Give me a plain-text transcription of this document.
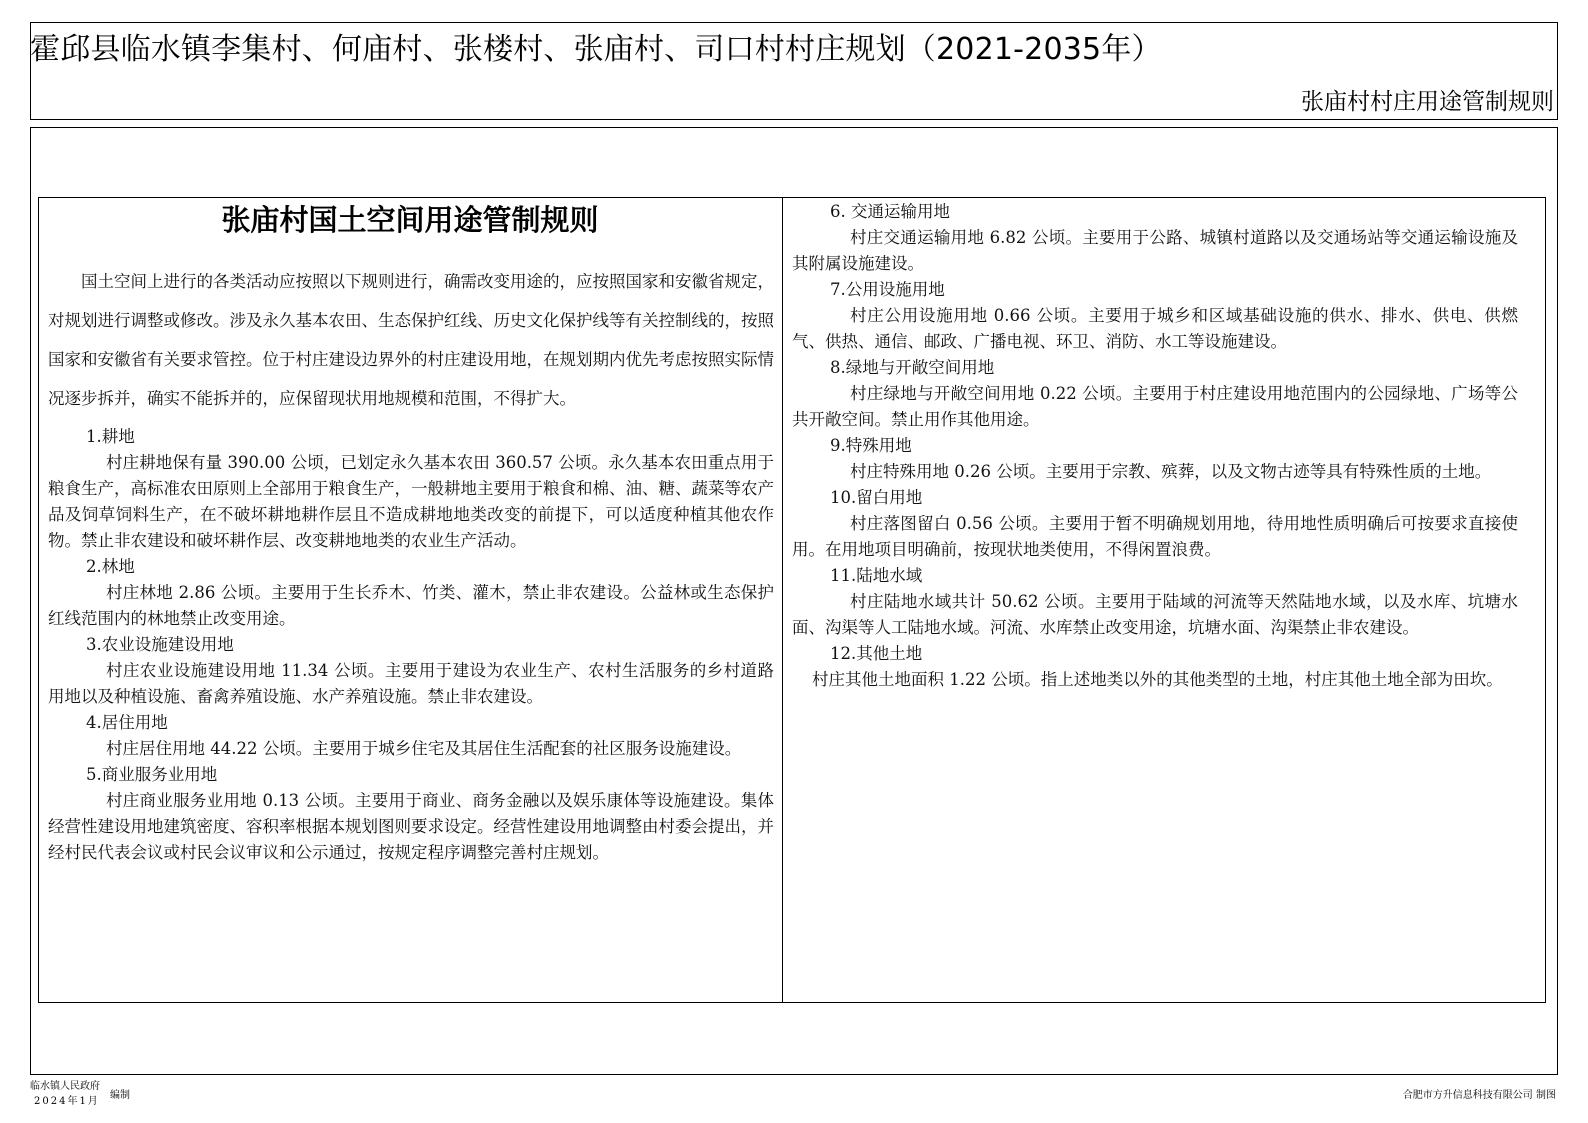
霍邱县临水镇李集村、何庙村、张楼村、张庙村、司口村村庄规划（2021-2035年）
张庙村村庄用途管制规则
张庙村国土空间用途管制规则

国土空间上进行的各类活动应按照以下规则进行，确需改变用途的，应按照国家和安徽省规定，对规划进行调整或修改。涉及永久基本农田、生态保护红线、历史文化保护线等有关控制线的，按照国家和安徽省有关要求管控。位于村庄建设边界外的村庄建设用地，在规划期内优先考虑按照实际情况逐步拆并，确实不能拆并的，应保留现状用地规模和范围，不得扩大。

1.耕地

村庄耕地保有量 390.00 公顷，已划定永久基本农田 360.57 公顷。永久基本农田重点用于粮食生产，高标准农田原则上全部用于粮食生产，一般耕地主要用于粮食和棉、油、糖、蔬菜等农产品及饲草饲料生产，在不破坏耕地耕作层且不造成耕地地类改变的前提下，可以适度种植其他农作物。禁止非农建设和破坏耕作层、改变耕地地类的农业生产活动。

2.林地

村庄林地 2.86 公顷。主要用于生长乔木、竹类、灌木，禁止非农建设。公益林或生态保护红线范围内的林地禁止改变用途。

3.农业设施建设用地

村庄农业设施建设用地 11.34 公顷。主要用于建设为农业生产、农村生活服务的乡村道路用地以及种植设施、畜禽养殖设施、水产养殖设施。禁止非农建设。

4.居住用地

村庄居住用地 44.22 公顷。主要用于城乡住宅及其居住生活配套的社区服务设施建设。

5.商业服务业用地

村庄商业服务业用地 0.13 公顷。主要用于商业、商务金融以及娱乐康体等设施建设。集体经营性建设用地建筑密度、容积率根据本规划图则要求设定。经营性建设用地调整由村委会提出，并经村民代表会议或村民会议审议和公示通过，按规定程序调整完善村庄规划。

6. 交通运输用地

村庄交通运输用地 6.82 公顷。主要用于公路、城镇村道路以及交通场站等交通运输设施及其附属设施建设。

7.公用设施用地

村庄公用设施用地 0.66 公顷。主要用于城乡和区域基础设施的供水、排水、供电、供燃气、供热、通信、邮政、广播电视、环卫、消防、水工等设施建设。

8.绿地与开敞空间用地

村庄绿地与开敞空间用地 0.22 公顷。主要用于村庄建设用地范围内的公园绿地、广场等公共开敞空间。禁止用作其他用途。

9.特殊用地

村庄特殊用地 0.26 公顷。主要用于宗教、殡葬，以及文物古迹等具有特殊性质的土地。

10.留白用地

村庄落图留白 0.56 公顷。主要用于暂不明确规划用地，待用地性质明确后可按要求直接使用。在用地项目明确前，按现状地类使用，不得闲置浪费。

11.陆地水域

村庄陆地水域共计 50.62 公顷。主要用于陆域的河流等天然陆地水域，以及水库、坑塘水面、沟渠等人工陆地水域。河流、水库禁止改变用途，坑塘水面、沟渠禁止非农建设。

12.其他土地

村庄其他土地面积 1.22 公顷。指上述地类以外的其他类型的土地，村庄其他土地全部为田坎。

临水镇人民政府
2024年1月
编制	合肥市方升信息科技有限公司 制图
